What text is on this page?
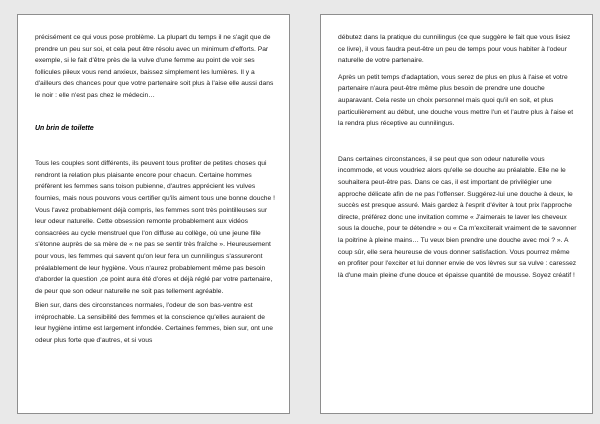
précisément ce qui vous pose problème. La plupart du temps il ne s'agit que de prendre un peu sur soi, et cela peut être résolu avec un minimum d'efforts. Par exemple, si le fait d'être près de la vulve d'une femme au point de voir ses follicules pileux vous rend anxieux, baissez simplement les lumières. Il y a d'ailleurs des chances pour que votre partenaire soit plus à l'aise elle aussi dans le noir : elle n'est pas chez le médecin…

Un brin de toilette

Tous les couples sont différents, ils peuvent tous profiter de petites choses qui rendront la relation plus plaisante encore pour chacun. Certaine hommes préfèrent les femmes sans toison pubienne, d'autres apprécient les vulves fournies, mais nous pouvons vous certifier qu'ils aiment tous une bonne douche ! Vous l'avez probablement déjà compris, les femmes sont très pointilleuses sur leur odeur naturelle. Cette obsession remonte probablement aux vidéos consacrées au cycle menstruel que l'on diffuse au collège, où une jeune fille s'étonne auprès de sa mère de « ne pas se sentir très fraîche ». Heureusement pour vous, les femmes qui savent qu'on leur fera un cunnilingus s'assureront préalablement de leur hygiène. Vous n'aurez probablement même pas besoin d'aborder la question ,ce point aura été d'ores et déjà réglé par votre partenaire, de peur que son odeur naturelle ne soit pas tellement agréable.

Bien sur, dans des circonstances normales, l'odeur de son bas-ventre est irréprochable. La sensibilité des femmes et la conscience qu'elles auraient de leur hygiène intime est largement infondée. Certaines femmes, bien sur, ont une odeur plus forte que d'autres, et si vous

débutez dans la pratique du cunnilingus (ce que suggère le fait que vous lisiez ce livre), il vous faudra peut-être un peu de temps pour vous habiter à l'odeur naturelle de votre partenaire.

Après un petit temps d'adaptation, vous serez de plus en plus à l'aise et votre partenaire n'aura peut-être même plus besoin de prendre une douche auparavant. Cela reste un choix personnel mais quoi qu'il en soit, et plus particulièrement au début, une douche vous mettre l'un et l'autre plus à l'aise et la rendra plus réceptive au cunnilingus.

Dans certaines circonstances, il se peut que son odeur naturelle vous incommode, et vous voudriez alors qu'elle se douche au préalable. Elle ne le souhaitera peut-être pas. Dans ce cas, il est important de privilégier une approche délicate afin de ne pas l'offenser. Suggérez-lui une douche à deux, le succès est presque assuré. Mais gardez à l'esprit d'éviter à tout prix l'approche directe, préférez donc une invitation comme « J'aimerais te laver les cheveux sous la douche, pour te détendre » ou « Ca m'exciterait vraiment de te savonner la poitrine à pleine mains… Tu veux bien prendre une douche avec moi ? ». A coup sûr, elle sera heureuse de vous donner satisfaction. Vous pourrez même en profiter pour l'exciter et lui donner envie de vos lèvres sur sa vulve : caressez là d'une main pleine d'une douce et épaisse quantité de mousse. Soyez créatif !
